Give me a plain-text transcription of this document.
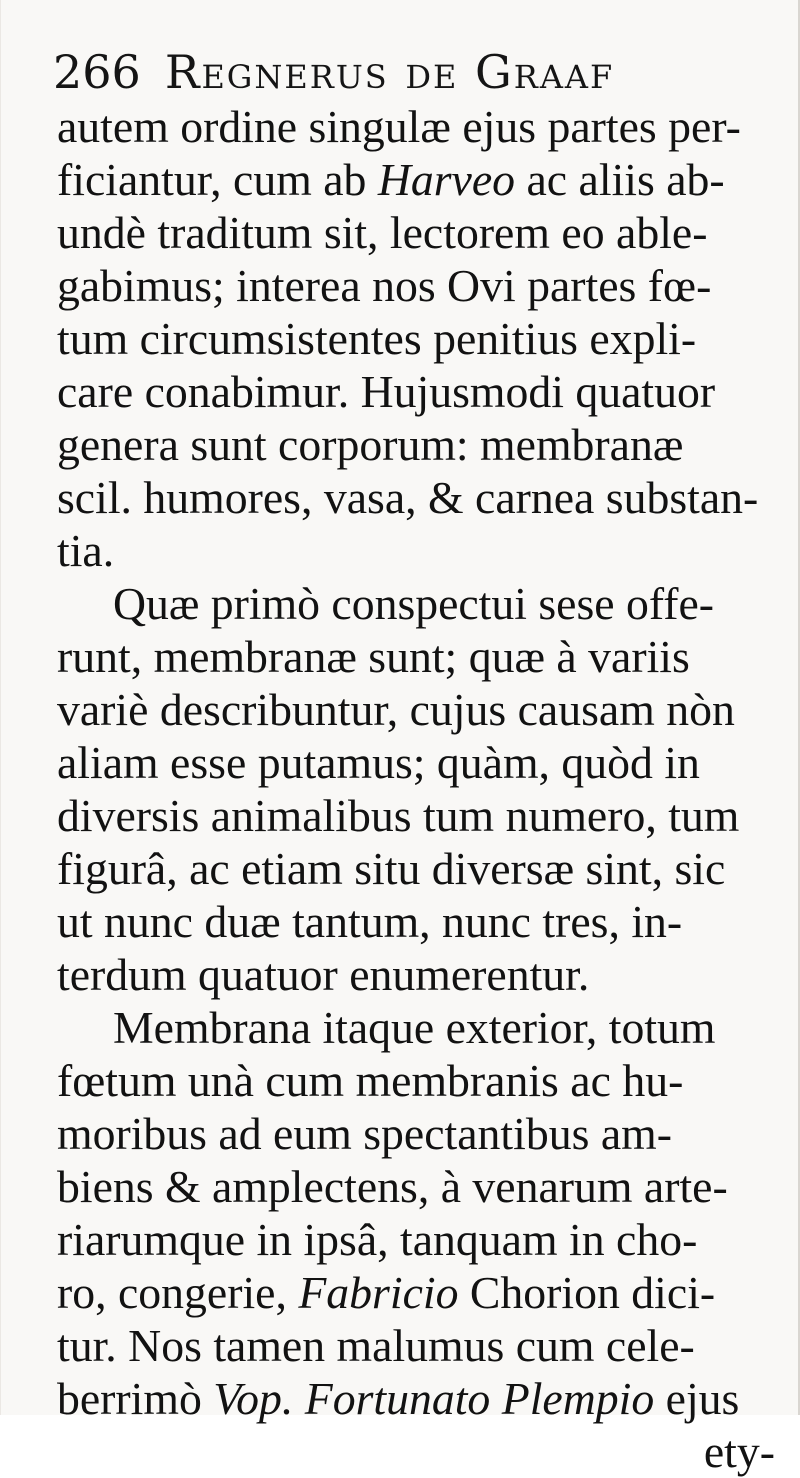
266 Regnerus de Graaf
autem ordine singulæ ejus partes per-
ficiantur, cum ab Harveo ac aliis ab-
undè traditum sit, lectorem eo able-
gabimus; interea nos Ovi partes fœ-
tum circumsistentes penitius expli-
care conabimur. Hujusmodi quatuor
genera sunt corporum: membranæ
scil. humores, vasa, & carnea substan-
tia.
Quæ primò conspectui sese offe-
runt, membranæ sunt; quæ à variis
variè describuntur, cujus causam nòn
aliam esse putamus; quàm, quòd in
diversis animalibus tum numero, tum
figurâ, ac etiam situ diversæ sint, sic
ut nunc duæ tantum, nunc tres, in-
terdum quatuor enumerentur.
Membrana itaque exterior, totum
fœtum unà cum membranis ac hu-
moribus ad eum spectantibus am-
biens & amplectens, à venarum arte-
riarumque in ipsâ, tanquam in cho-
ro, congerie, Fabricio Chorion dici-
tur. Nos tamen malumus cum cele-
berrimò Vop. Fortunato Plempio ejus
ety-
